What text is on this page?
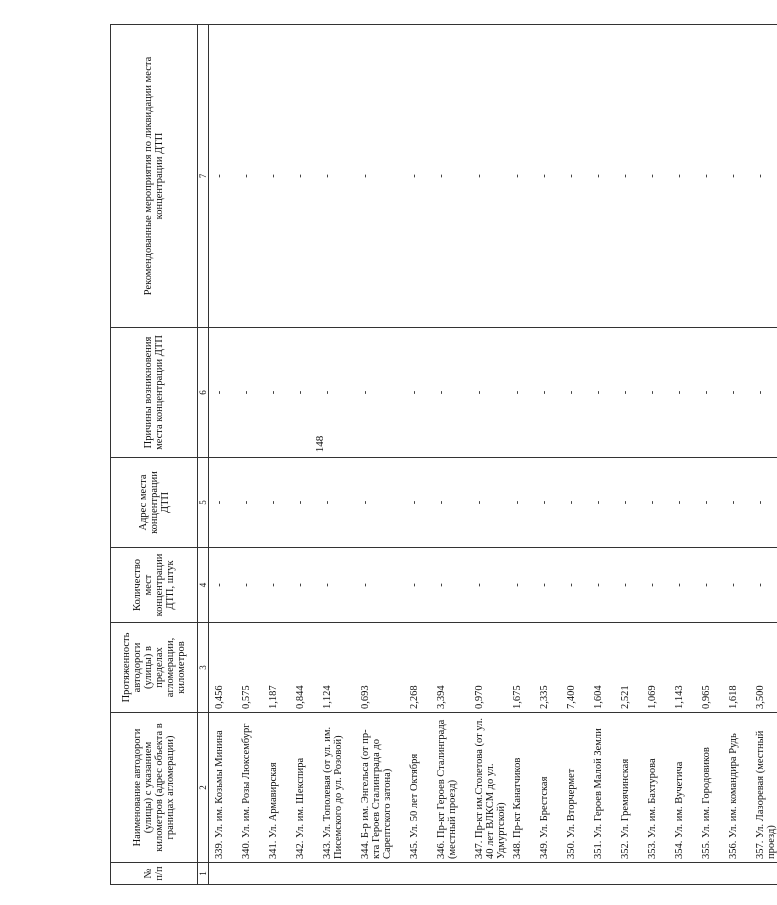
148
№ п/п	Наименование автодороги (улицы) с указанием километров (адрес объекта в границах агломерации)	Протяженность автодороги (улицы) в пределах агломерации, километров	Количество мест концентрации ДТП, штук	Адрес места концентрации ДТП	Причины возникновения места концентрации ДТП	Рекомендованные мероприятия по ликвидации места концентрации ДТП
1	2	3	4	5	6	7
	339. Ул. им. Козьмы Минина	0,456	-	-	-	-
	340. Ул. им. Розы Люксембург	0,575	-	-	-	-
	341. Ул. Армавирская	1,187	-	-	-	-
	342. Ул. им. Шекспира	0,844	-	-	-	-
	343. Ул. Тополевая (от ул. им. Писемского до ул. Розовой)	1,124	-	-	-	-
	344. Б-р им. Энгельса (от пр-кта Героев Сталинграда до Сарептского затона)	0,693	-	-	-	-
	345. Ул. 50 лет Октября	2,268	-	-	-	-
	346. Пр-кт Героев Сталинграда (местный проезд)	3,394	-	-	-	-
	347. Пр-кт им.Столетова (от ул. 40 лет ВЛКСМ до ул. Удмуртской)	0,970	-	-	-	-
	348. Пр-кт Канатчиков	1,675	-	-	-	-
	349. Ул. Брестская	2,335	-	-	-	-
	350. Ул. Вторчермет	7,400	-	-	-	-
	351. Ул. Героев Малой Земли	1,604	-	-	-	-
	352. Ул. Гремячинская	2,521	-	-	-	-
	353. Ул. им. Бахтурова	1,069	-	-	-	-
	354. Ул. им. Вучетича	1,143	-	-	-	-
	355. Ул. им. Городовиков	0,965	-	-	-	-
	356. Ул. им. командира Рудь	1,618	-	-	-	-
	357. Ул. Лазоревая (местный проезд)	3,500	-	-	-	-
